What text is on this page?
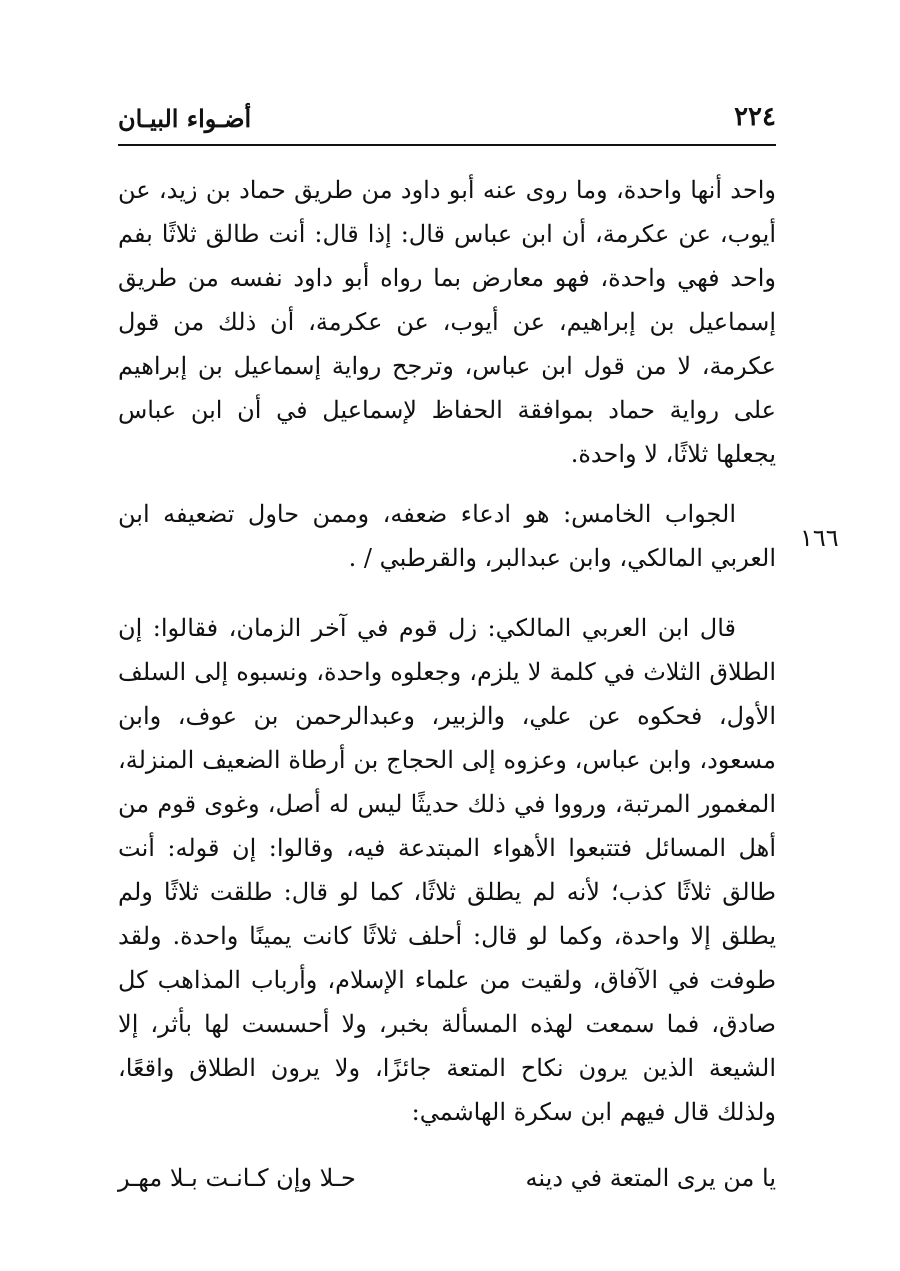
٢٢٤
أضـواء البيـان
١٦٦

واحد أنها واحدة، وما روى عنه أبو داود من طريق حماد بن زيد، عن أيوب، عن عكرمة، أن ابن عباس قال: إذا قال: أنت طالق ثلاثًا بفم واحد فهي واحدة، فهو معارض بما رواه أبو داود نفسه من طريق إسماعيل بن إبراهيم، عن أيوب، عن عكرمة، أن ذلك من قول عكرمة، لا من قول ابن عباس، وترجح رواية إسماعيل بن إبراهيم على رواية حماد بموافقة الحفاظ لإسماعيل في أن ابن عباس يجعلها ثلاثًا، لا واحدة.

الجواب الخامس: هو ادعاء ضعفه، وممن حاول تضعيفه ابن العربي المالكي، وابن عبدالبر، والقرطبي / .

قال ابن العربي المالكي: زل قوم في آخر الزمان، فقالوا: إن الطلاق الثلاث في كلمة لا يلزم، وجعلوه واحدة، ونسبوه إلى السلف الأول، فحكوه عن علي، والزبير، وعبدالرحمن بن عوف، وابن مسعود، وابن عباس، وعزوه إلى الحجاج بن أرطاة الضعيف المنزلة، المغمور المرتبة، ورووا في ذلك حديثًا ليس له أصل، وغوى قوم من أهل المسائل فتتبعوا الأهواء المبتدعة فيه، وقالوا: إن قوله: أنت طالق ثلاثًا كذب؛ لأنه لم يطلق ثلاثًا، كما لو قال: طلقت ثلاثًا ولم يطلق إلا واحدة، وكما لو قال: أحلف ثلاثًا كانت يمينًا واحدة. ولقد طوفت في الآفاق، ولقيت من علماء الإسلام، وأرباب المذاهب كل صادق، فما سمعت لهذه المسألة بخبر، ولا أحسست لها بأثر، إلا الشيعة الذين يرون نكاح المتعة جائزًا، ولا يرون الطلاق واقعًا، ولذلك قال فيهم ابن سكرة الهاشمي:

يا من يرى المتعة في دينه
حـلا وإن كـانـت بـلا مهـر
